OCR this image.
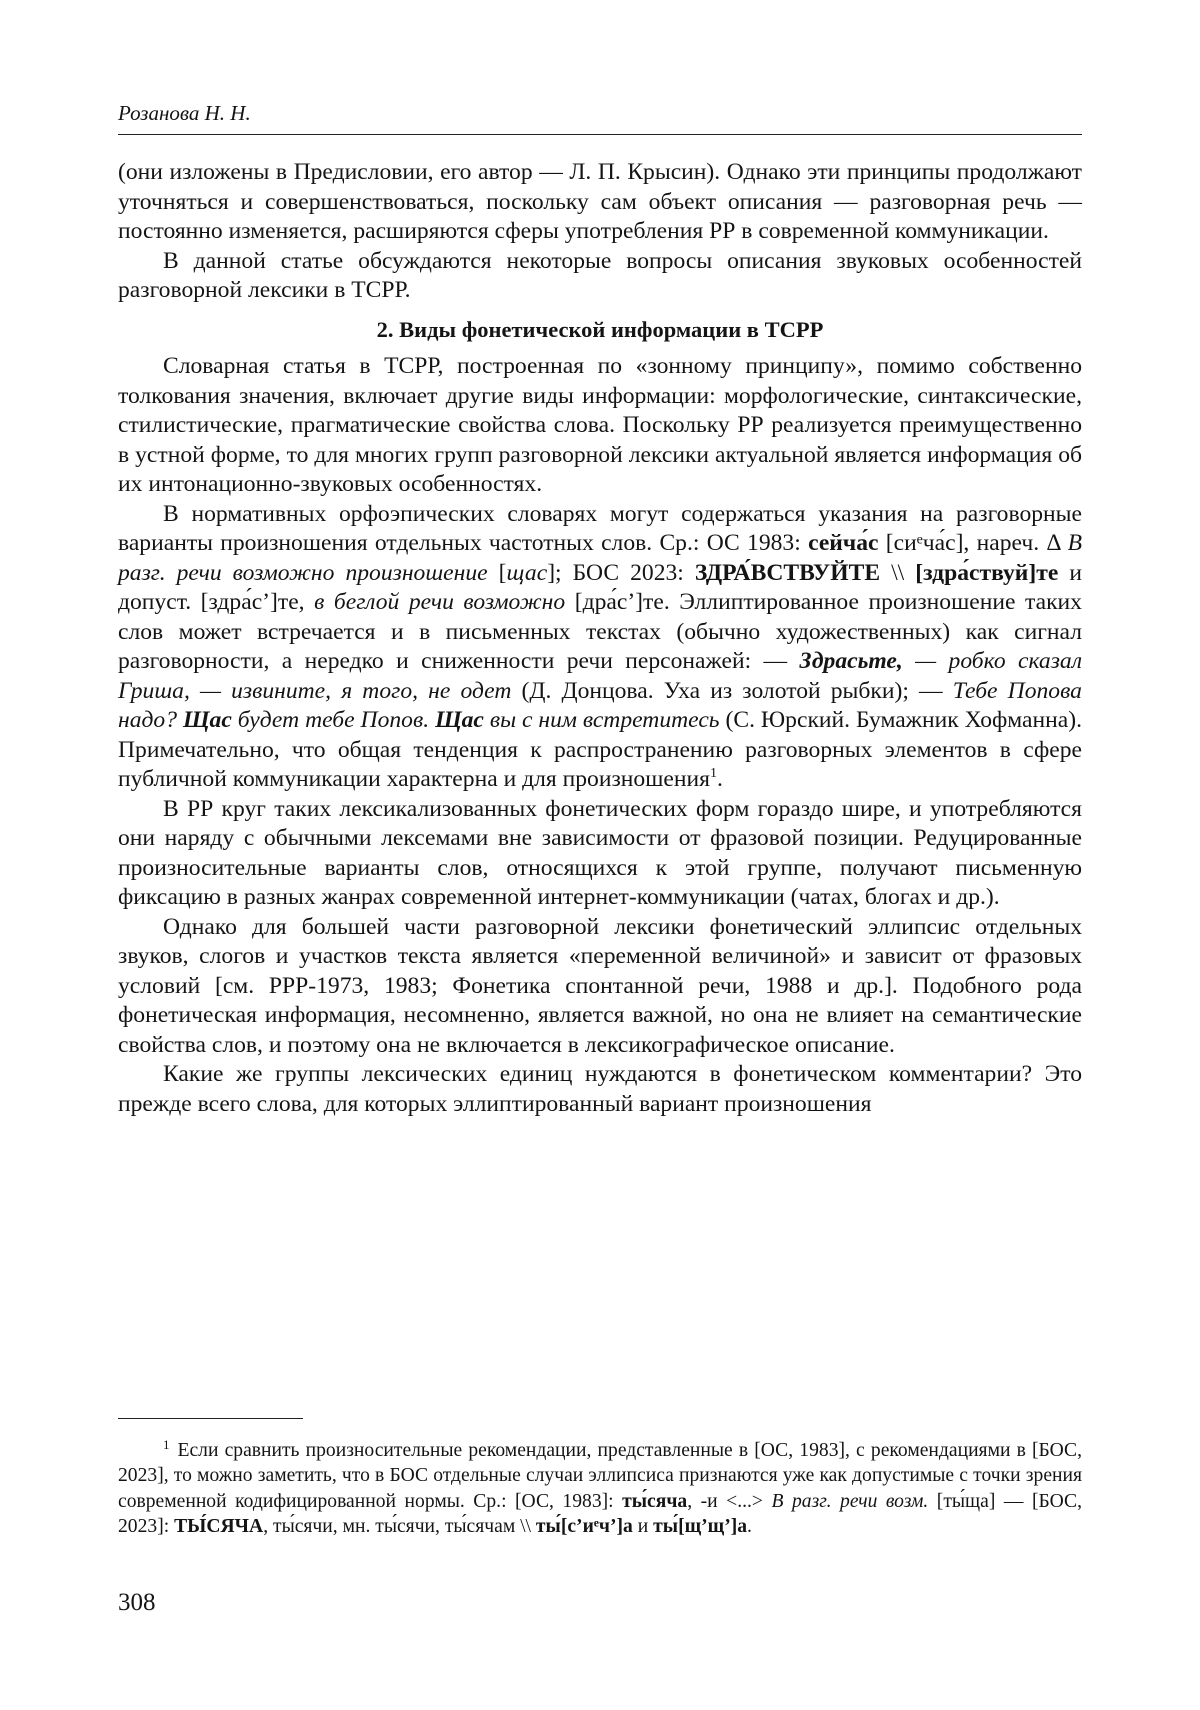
Розанова Н. Н.

(они изложены в Предисловии, его автор — Л. П. Крысин). Однако эти принципы продолжают уточняться и совершенствоваться, поскольку сам объект описания — разговорная речь — постоянно изменяется, расширяются сферы употребления РР в современной коммуникации.

В данной статье обсуждаются некоторые вопросы описания звуковых особенностей разговорной лексики в ТСРР.

2. Виды фонетической информации в ТСРР

Словарная статья в ТСРР, построенная по «зонному принципу», помимо собственно толкования значения, включает другие виды информации: морфологические, синтаксические, стилистические, прагматические свойства слова. Поскольку РР реализуется преимущественно в устной форме, то для многих групп разговорной лексики актуальной является информация об их интонационно-звуковых особенностях.

В нормативных орфоэпических словарях могут содержаться указания на разговорные варианты произношения отдельных частотных слов. Ср.: ОС 1983: сейча́с [сиᵉча́с], нареч. Δ В разг. речи возможно произношение [щас]; БОС 2023: ЗДРА́ВСТВУЙТЕ \\ [здра́ствуй]те и допуст. [здра́с’]те, в беглой речи возможно [дра́с’]те. Эллиптированное произношение таких слов может встречается и в письменных текстах (обычно художественных) как сигнал разговорности, а нередко и сниженности речи персонажей: — Здрасьте, — робко сказал Гриша, — извините, я того, не одет (Д. Донцова. Уха из золотой рыбки); — Тебе Попова надо? Щас будет тебе Попов. Щас вы с ним встретитесь (С. Юрский. Бумажник Хофманна). Примечательно, что общая тенденция к распространению разговорных элементов в сфере публичной коммуникации характерна и для произношения$^1$.

В РР круг таких лексикализованных фонетических форм гораздо шире, и употребляются они наряду с обычными лексемами вне зависимости от фразовой позиции. Редуцированные произносительные варианты слов, относящихся к этой группе, получают письменную фиксацию в разных жанрах современной интернет-коммуникации (чатах, блогах и др.).

Однако для большей части разговорной лексики фонетический эллипсис отдельных звуков, слогов и участков текста является «переменной величиной» и зависит от фразовых условий [см. РРР-1973, 1983; Фонетика спонтанной речи, 1988 и др.]. Подобного рода фонетическая информация, несомненно, является важной, но она не влияет на семантические свойства слов, и поэтому она не включается в лексикографическое описание.

Какие же группы лексических единиц нуждаются в фонетическом комментарии? Это прежде всего слова, для которых эллиптированный вариант произношения

$^1$ Если сравнить произносительные рекомендации, представленные в [ОС, 1983], с рекомендациями в [БОС, 2023], то можно заметить, что в БОС отдельные случаи эллипсиса признаются уже как допустимые с точки зрения современной кодифицированной нормы. Ср.: [ОС, 1983]: ты́сяча, -и <...> В разг. речи возм. [ты́ща] — [БОС, 2023]: ТЫ́СЯЧА, ты́сячи, мн. ты́сячи, ты́сячам \\ ты́[с’иᵉч’]а и ты́[щ’щ’]а.

308
